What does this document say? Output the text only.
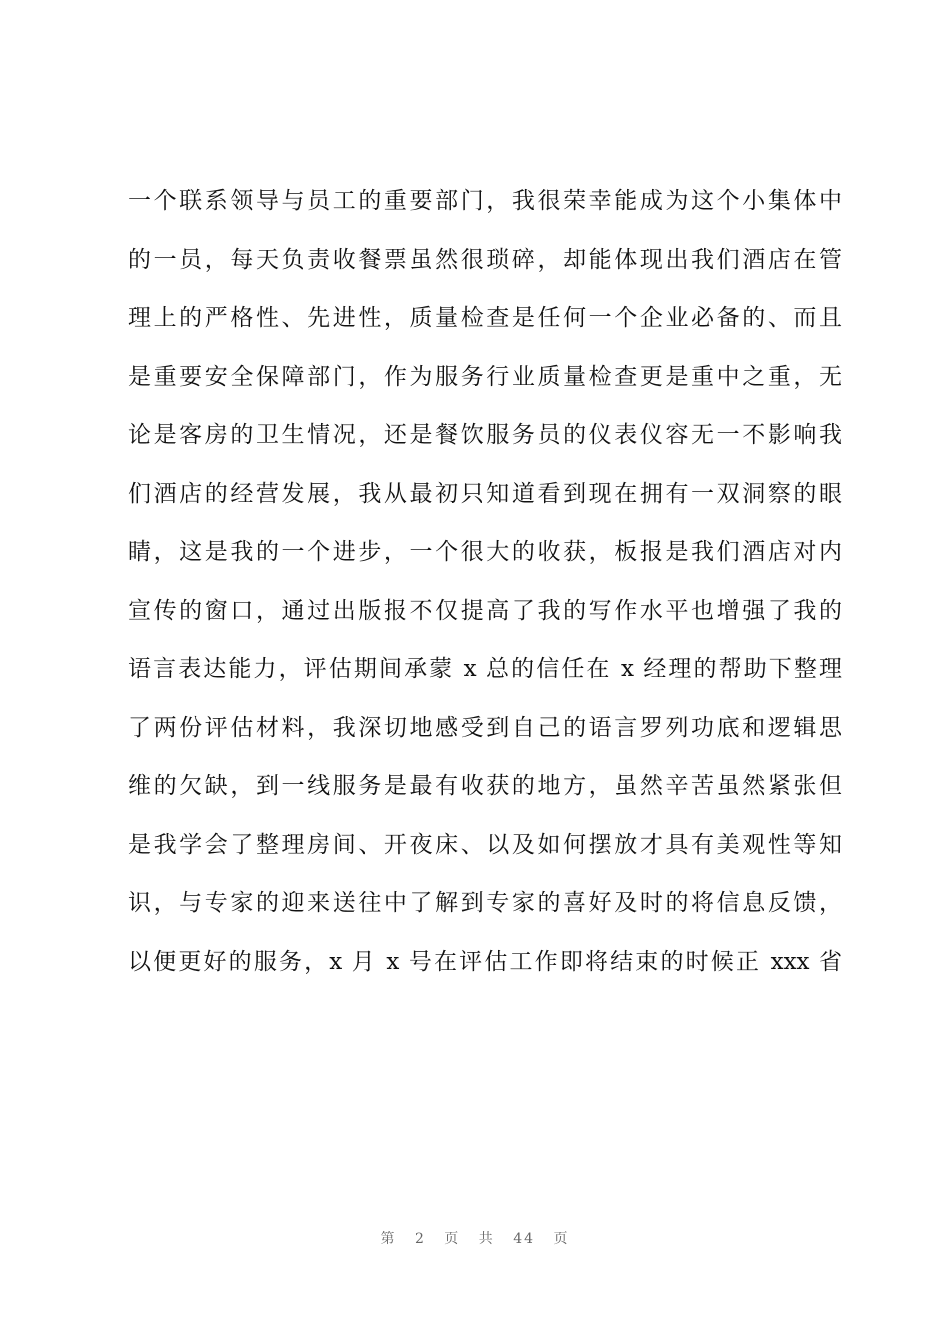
一个联系领导与员工的重要部门，我很荣幸能成为这个小集体中
的一员，每天负责收餐票虽然很琐碎，却能体现出我们酒店在管
理上的严格性、先进性，质量检查是任何一个企业必备的、而且
是重要安全保障部门，作为服务行业质量检查更是重中之重，无
论是客房的卫生情况，还是餐饮服务员的仪表仪容无一不影响我
们酒店的经营发展，我从最初只知道看到现在拥有一双洞察的眼
睛，这是我的一个进步，一个很大的收获，板报是我们酒店对内
宣传的窗口，通过出版报不仅提高了我的写作水平也增强了我的
语言表达能力，评估期间承蒙 x 总的信任在 x 经理的帮助下整理
了两份评估材料，我深切地感受到自己的语言罗列功底和逻辑思
维的欠缺，到一线服务是最有收获的地方，虽然辛苦虽然紧张但
是我学会了整理房间、开夜床、以及如何摆放才具有美观性等知
识，与专家的迎来送往中了解到专家的喜好及时的将信息反馈，
以便更好的服务，x 月 x 号在评估工作即将结束的时候正 xxx 省
第 2 页 共 44 页
